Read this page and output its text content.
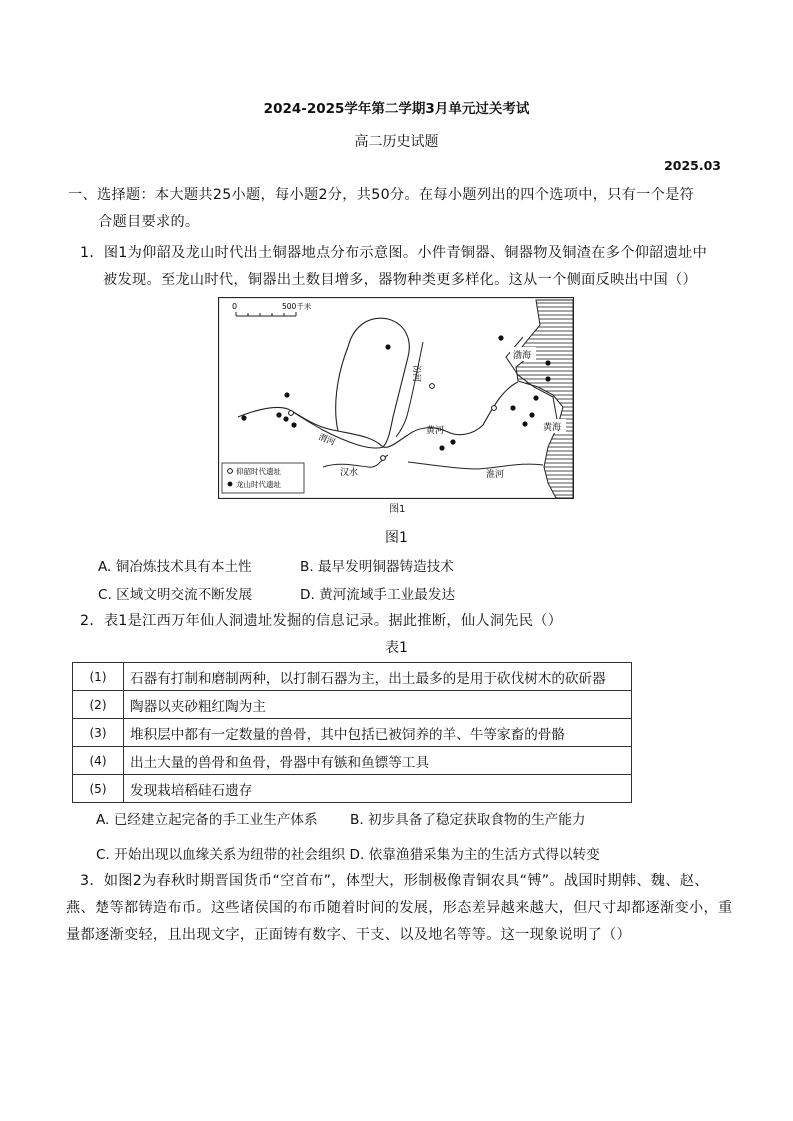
2024-2025学年第二学期3月单元过关考试
高二历史试题
2025.03
一、选择题：本大题共25小题，每小题2分，共50分。在每小题列出的四个选项中，只有一个是符
合题目要求的。
1．图1为仰韶及龙山时代出土铜器地点分布示意图。小件青铜器、铜器物及铜渣在多个仰韶遗址中
被发现。至龙山时代，铜器出土数目增多，器物种类更多样化。这从一个侧面反映出中国（）
0	500千米
汾河
渭河
黄河
汉水	淮河
渤海
黄海
仰韶时代遗址
龙山时代遗址
图1
图1
A. 铜冶炼技术具有本土性	B. 最早发明铜器铸造技术
C. 区域文明交流不断发展	D. 黄河流域手工业最发达
2．表1是江西万年仙人洞遗址发掘的信息记录。据此推断，仙人洞先民（）
表1
(1)	石器有打制和磨制两种，以打制石器为主，出土最多的是用于砍伐树木的砍斫器
(2)	陶器以夹砂粗红陶为主
(3)	堆积层中都有一定数量的兽骨，其中包括已被饲养的羊、牛等家畜的骨骼
(4)	出土大量的兽骨和鱼骨，骨器中有镞和鱼镖等工具
(5)	发现栽培稻硅石遗存
A. 已经建立起完备的手工业生产体系 B. 初步具备了稳定获取食物的生产能力
C. 开始出现以血缘关系为纽带的社会组织 D. 依靠渔猎采集为主的生活方式得以转变
3．如图2为春秋时期晋国货币“空首布”，体型大，形制极像青铜农具“镈”。战国时期韩、魏、赵、
燕、楚等都铸造布币。这些诸侯国的布币随着时间的发展，形态差异越来越大，但尺寸却都逐渐变小，重
量都逐渐变轻，且出现文字，正面铸有数字、干支、以及地名等等。这一现象说明了（）
